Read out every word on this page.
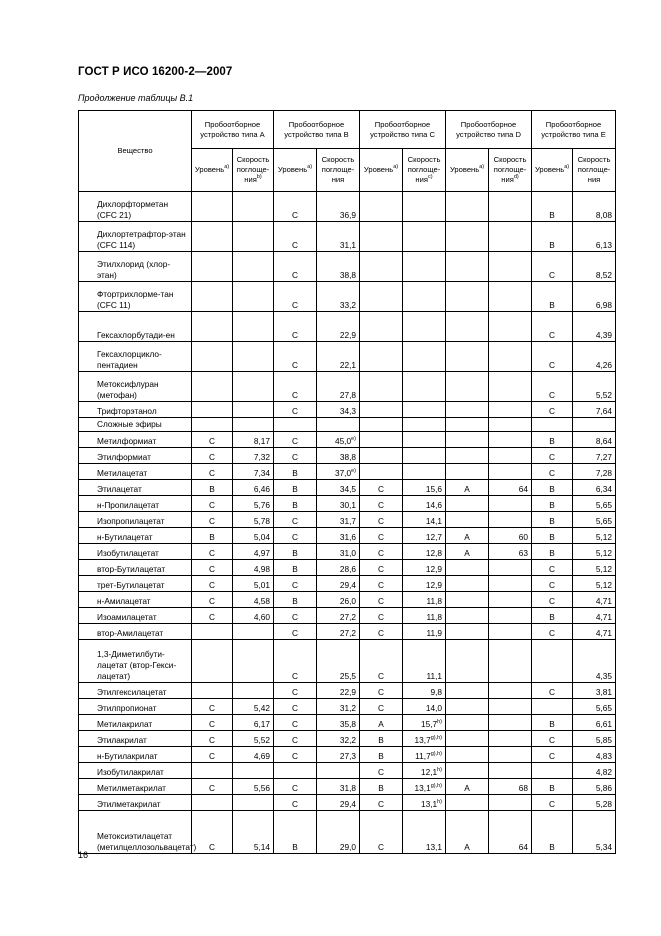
ГОСТ Р ИСО 16200-2—2007
Продолжение таблицы В.1
Вещество	Пробоотборное устройство типа А		Пробоотборное устройство типа В		Пробоотборное устройство типа С		Пробоотборное устройство типа D		Пробоотборное устройство типа Е	
	Уровень$^{a)}$	Скорость поглоще-ния$^{b)}$	Уровень$^{a)}$	Скорость поглоще-ния	Уровень$^{a)}$	Скорость поглоще-ния$^{c)}$	Уровень$^{a)}$	Скорость поглоще-ния$^{d)}$	Уровень$^{a)}$	Скорость поглоще-ния
Дихлорфторметан (CFC 21)			C	36,9					B	8,08
Дихлортетрафтор-этан (CFC 114)			C	31,1					B	6,13
Этилхлорид (хлор-этан)			C	38,8					C	8,52
Фтортрихлорме-тан (CFC 11)			C	33,2					B	6,98
Гексахлорбутади-ен			C	22,9					C	4,39
Гексахлорцикло-пентадиен			C	22,1					C	4,26
Метоксифлуран (метофан)			C	27,8					C	5,52
Трифторэтанол			C	34,3					C	7,64
Сложные эфиры										
Метилформиат	C	8,17	C	45,0$^{e)}$					B	8,64
Этилформиат	C	7,32	C	38,8					C	7,27
Метилацетат	C	7,34	B	37,0$^{e)}$					C	7,28
Этилацетат	B	6,46	B	34,5	C	15,6	A	64	B	6,34
н-Пропилацетат	C	5,76	B	30,1	C	14,6			B	5,65
Изопропилацетат	C	5,78	C	31,7	C	14,1			B	5,65
н-Бутилацетат	B	5,04	C	31,6	C	12,7	A	60	B	5,12
Изобутилацетат	C	4,97	B	31,0	C	12,8	A	63	B	5,12
втор-Бутилацетат	C	4,98	B	28,6	C	12,9			C	5,12
трет-Бутилацетат	C	5,01	C	29,4	C	12,9			C	5,12
н-Амилацетат	C	4,58	B	26,0	C	11,8			C	4,71
Изоамилацетат	C	4,60	C	27,2	C	11,8			B	4,71
втор-Амилацетат			C	27,2	C	11,9			C	4,71
1,3-Диметилбути-лацетат (втор-Гекси-лацетат)			C	25,5	C	11,1				4,35
Этилгексилацетат			C	22,9	C	9,8			C	3,81
Этилпропионат	C	5,42	C	31,2	C	14,0				5,65
Метилакрилат	C	6,17	C	35,8	A	15,7$^{h)}$			B	6,61
Этилакрилат	C	5,52	C	32,2	B	$13,7^{g),h)}$			C	5,85
н-Бутилакрилат	C	4,69	C	27,3	B	$11,7^{g),h)}$			C	4,83
Изобутилакрилат					C	12,1$^{h)}$				4,82
Метилметакрилат	C	5,56	C	31,8	B	$13,1^{g),h)}$	A	68	B	5,86
Этилметакрилат			C	29,4	C	13,1$^{h)}$			C	5,28
Метоксиэтилацетат (метилцеллозольвацетат)	C	5,14	B	29,0	C	13,1	A	64	B	5,34
16
